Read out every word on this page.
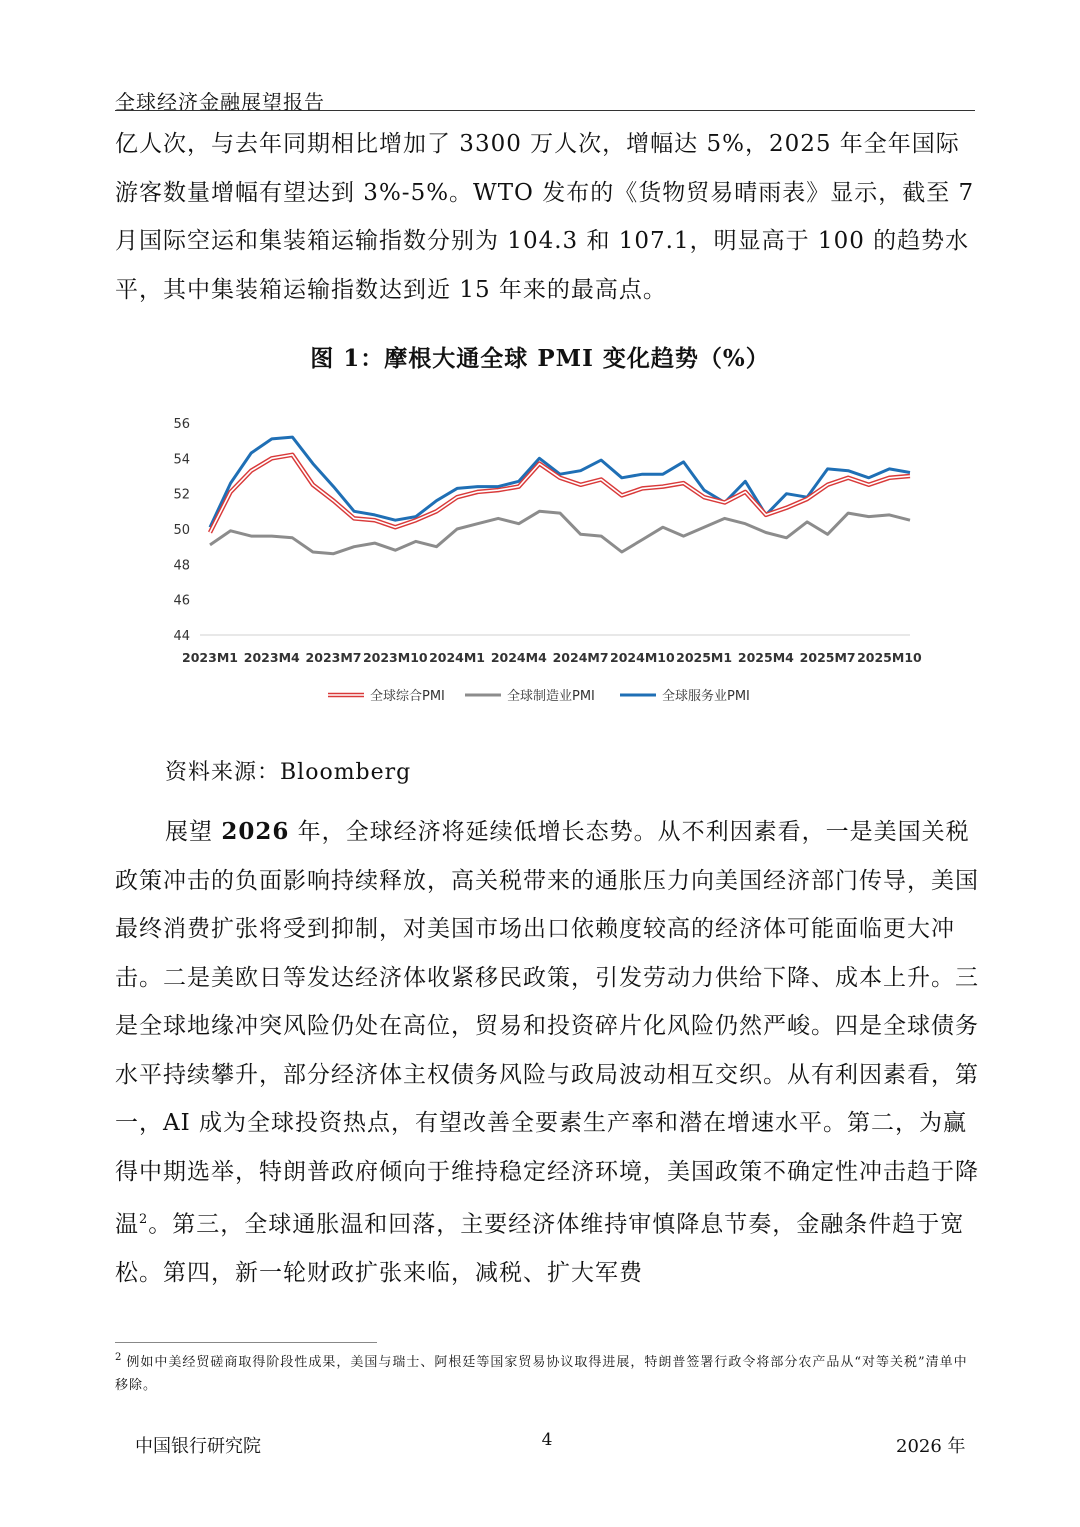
全球经济金融展望报告

亿人次，与去年同期相比增加了 3300 万人次，增幅达 5%，2025 年全年国际游客数量增幅有望达到 3%-5%。WTO 发布的《货物贸易晴雨表》显示，截至 7 月国际空运和集装箱运输指数分别为 104.3 和 107.1，明显高于 100 的趋势水平，其中集装箱运输指数达到近 15 年来的最高点。

图 1：摩根大通全球 PMI 变化趋势（%）
44
46
48
50
52
54
56
2023M1 2023M4 2023M7 2023M10 2024M1 2024M4 2024M7 2024M10 2025M1 2025M4 2025M7 2025M10
全球综合PMI	全球制造业PMI	全球服务业PMI
资料来源：Bloomberg

展望 2026 年，全球经济将延续低增长态势。从不利因素看，一是美国关税政策冲击的负面影响持续释放，高关税带来的通胀压力向美国经济部门传导，美国最终消费扩张将受到抑制，对美国市场出口依赖度较高的经济体可能面临更大冲击。二是美欧日等发达经济体收紧移民政策，引发劳动力供给下降、成本上升。三是全球地缘冲突风险仍处在高位，贸易和投资碎片化风险仍然严峻。四是全球债务水平持续攀升，部分经济体主权债务风险与政局波动相互交织。从有利因素看，第一，AI 成为全球投资热点，有望改善全要素生产率和潜在增速水平。第二，为赢得中期选举，特朗普政府倾向于维持稳定经济环境，美国政策不确定性冲击趋于降温$^2$。第三，全球通胀温和回落，主要经济体维持审慎降息节奏，金融条件趋于宽松。第四，新一轮财政扩张来临，减税、扩大军费

$^2$ 例如中美经贸磋商取得阶段性成果，美国与瑞士、阿根廷等国家贸易协议取得进展，特朗普签署行政令将部分农产品从“对等关税”清单中移除。
中国银行研究院	4	2026 年
